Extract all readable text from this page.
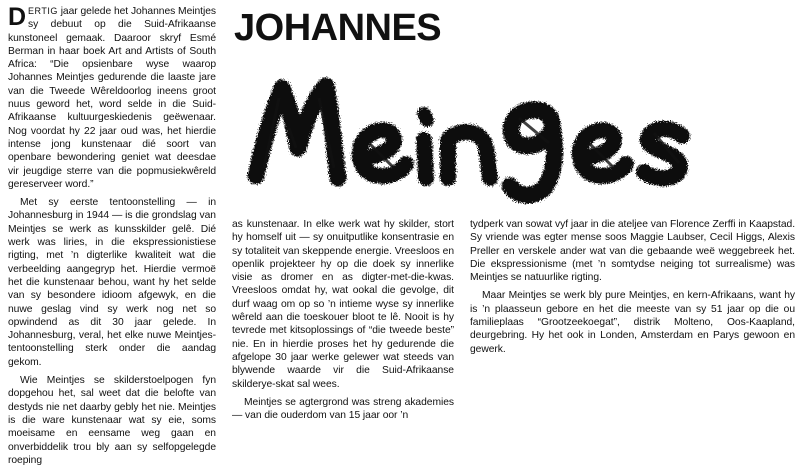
JOHANNES

DERTIG jaar gelede het Johannes Meintjes sy debuut op die Suid-Afrikaanse kunstoneel gemaak. Daaroor skryf Esmé Berman in haar boek Art and Artists of South Africa: “Die opsienbare wyse waarop Johannes Meintjes gedurende die laaste jare van die Tweede Wêreldoorlog ineens groot nuus geword het, word selde in die Suid-Afrikaanse kultuurgeskiedenis geëwenaar. Nog voordat hy 22 jaar oud was, het hierdie intense jong kunstenaar dié soort van openbare bewondering geniet wat deesdae vir jeugdige sterre van die popmusiekwêreld gereserveer word.”

Met sy eerste tentoonstelling — in Johannesburg in 1944 — is die grondslag van Meintjes se werk as kunsskilder gelê. Dié werk was liries, in die ekspressionistiese rigting, met ’n digterlike kwaliteit wat die verbeelding aangegryp het. Hierdie vermoë het die kunstenaar behou, want hy het selde van sy besondere idioom afgewyk, en die nuwe geslag vind sy werk nog net so opwindend as dit 30 jaar gelede. In Johannesburg, veral, het elke nuwe Meintjes-tentoonstelling sterk onder die aandag gekom.

Wie Meintjes se skilderstoelpogen fyn dopgehou het, sal weet dat die belofte van destyds nie net daarby gebly het nie. Meintjes is die ware kunstenaar wat sy eie, soms moeisame en eensame weg gaan en onverbiddelik trou bly aan sy selfopgelegde roeping

as kunstenaar. In elke werk wat hy skilder, stort hy homself uit — sy onuitputlike konsentrasie en sy totaliteit van skeppende energie. Vreesloos en openlik projekteer hy op die doek sy innerlike visie as dromer en as digter-met-die-kwas. Vreesloos omdat hy, wat ookal die gevolge, dit durf waag om op so ’n intieme wyse sy innerlike wêreld aan die toeskouer bloot te lê. Nooit is hy tevrede met kitsoplossings of “die tweede beste” nie. En in hierdie proses het hy gedurende die afgelope 30 jaar werke gelewer wat steeds van blywende waarde vir die Suid-Afrikaanse skilderye-skat sal wees.

Meintjes se agtergrond was streng akademies — van die ouderdom van 15 jaar oor ’n

tydperk van sowat vyf jaar in die ateljee van Florence Zerffi in Kaapstad. Sy vriende was egter mense soos Maggie Laubser, Cecil Higgs, Alexis Preller en verskele ander wat van die gebaande weë weggebreek het. Die ekspressionisme (met ’n somtydse neiging tot surrealisme) was Meintjes se natuurlike rigting.

Maar Meintjes se werk bly pure Meintjes, en kern-Afrikaans, want hy is ’n plaasseun gebore en het die meeste van sy 51 jaar op die ou familieplaas “Grootzeekoegat”, distrik Molteno, Oos-Kaapland, deurgebring. Hy het ook in Londen, Amsterdam en Parys gewoon en gewerk.
